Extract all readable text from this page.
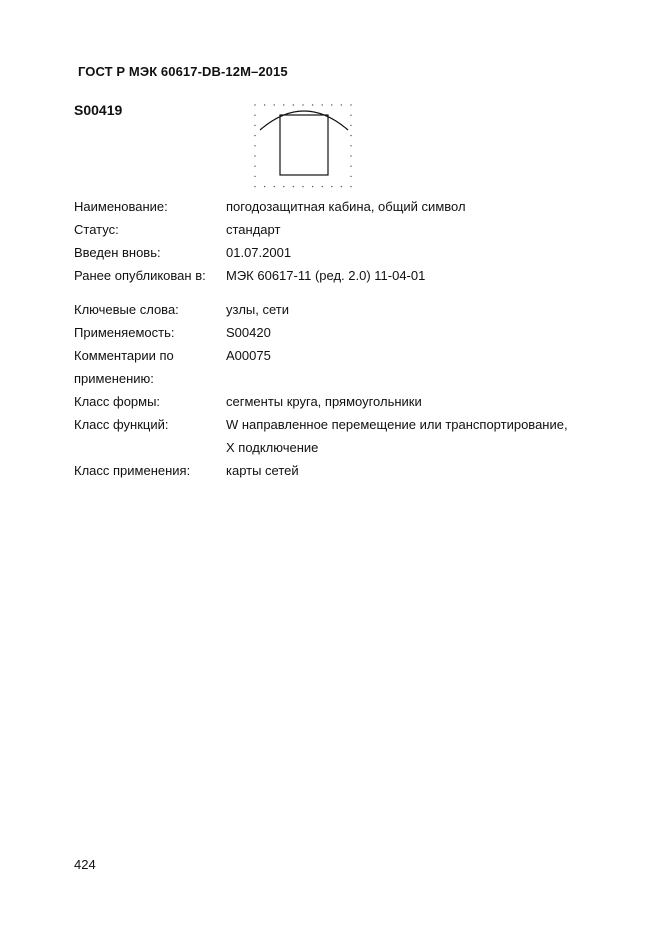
ГОСТ Р МЭК 60617-DB-12M–2015
S00419
Наименование:	погодозащитная кабина, общий символ
Статус:	стандарт
Введен вновь:	01.07.2001
Ранее опубликован в:	МЭК 60617-11 (ред. 2.0) 11-04-01
Ключевые слова:	узлы, сети
Применяемость:	S00420
Комментарии по
применению:
A00075
Класс формы:	сегменты круга, прямоугольники
Класс функций:	W направленное перемещение или транспортирование,
X подключение
Класс применения:	карты сетей
424
